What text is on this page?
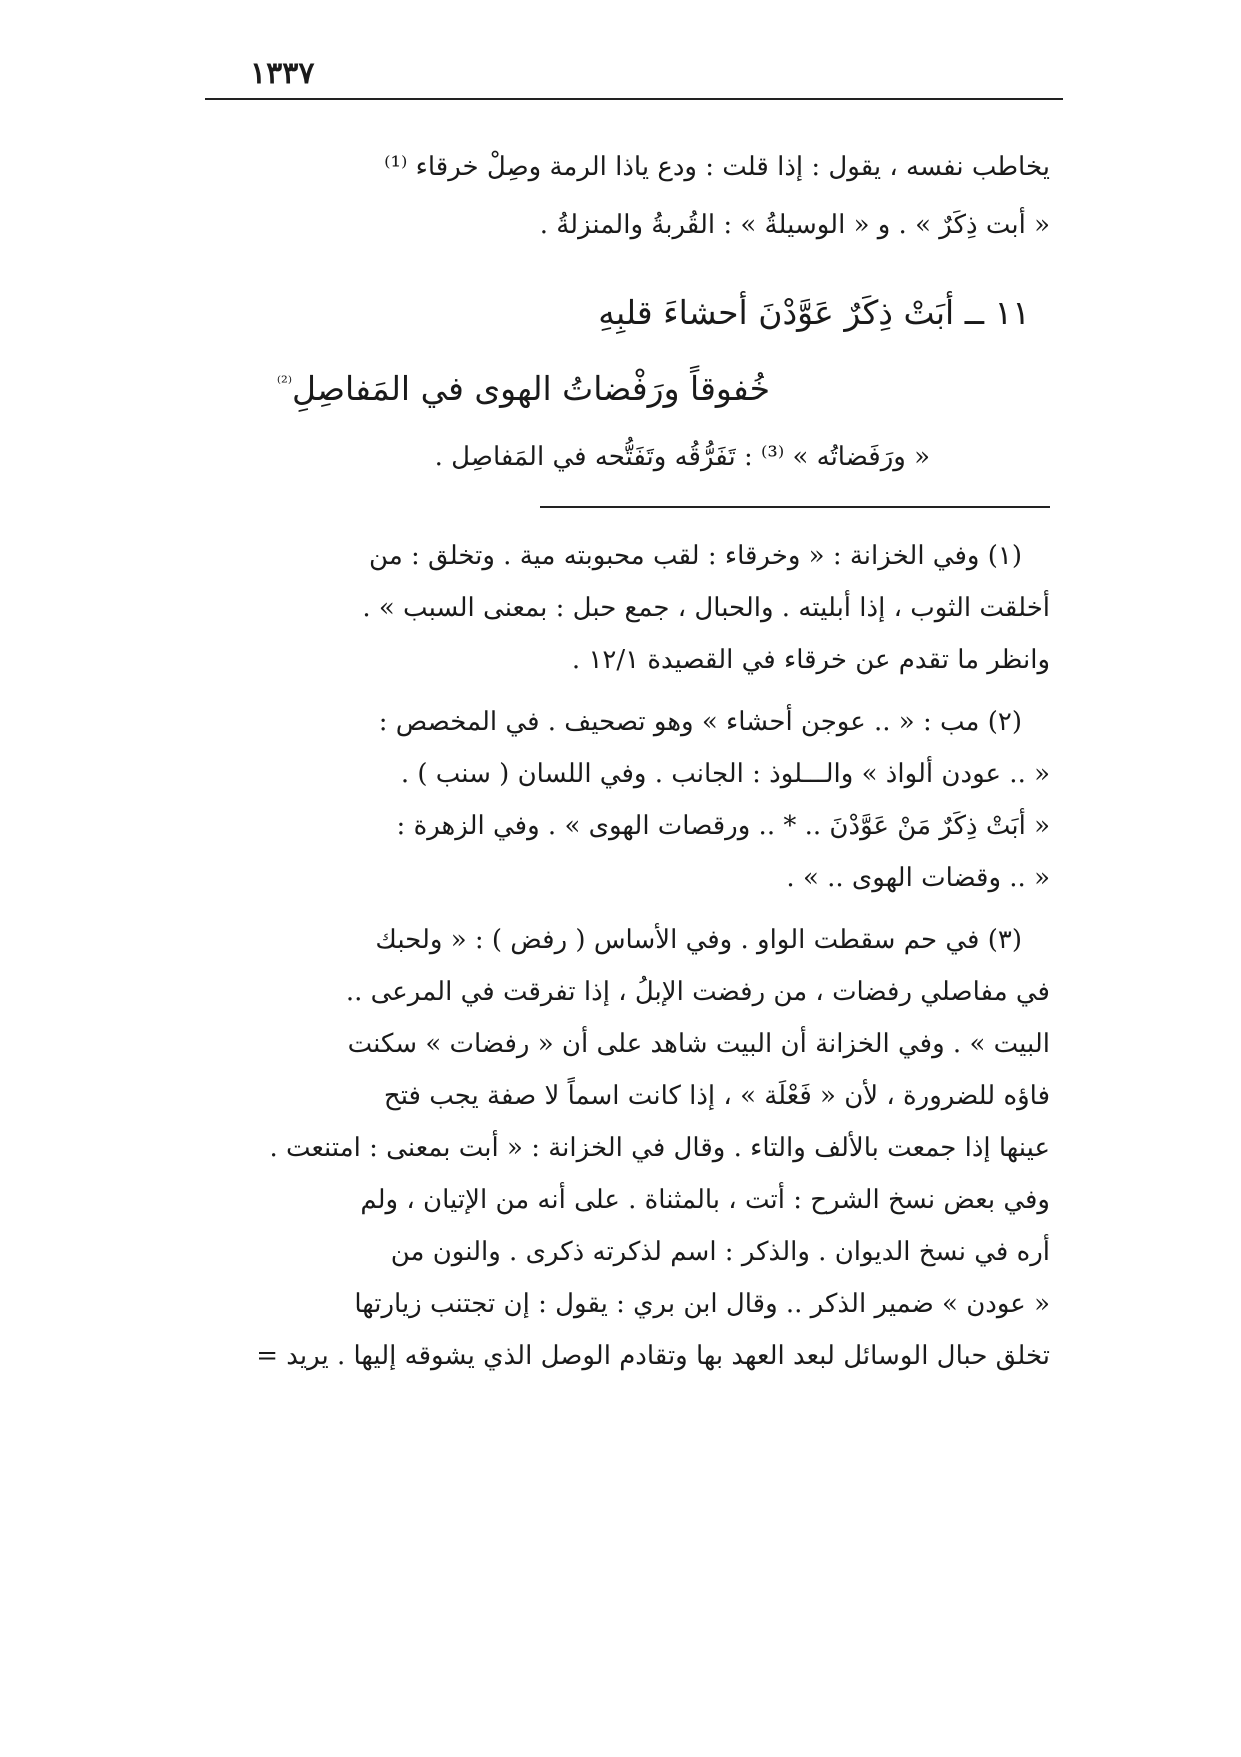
١٣٣٧

يخاطب نفسه ، يقول : إذا قلت : ودع ياذا الرمة وصِلْ خرقاء ⁽¹⁾

« أبت ذِكَرٌ » . و « الوسيلةُ » : القُربةُ والمنزلةُ .

١١ ــ أبَتْ ذِكَرٌ عَوَّدْنَ أحشاءَ قلبِهِ

خُفوقاً ورَفْضاتُ الهوى في المَفاصِلِ$^{^{(2)}}$

« ورَفَضاتُه » ⁽³⁾ : تَفَرُّقُه وتَفَتُّحه في المَفاصِل .

(١) وفي الخزانة : « وخرقاء : لقب محبوبته مية . وتخلق : من

أخلقت الثوب ، إذا أبليته . والحبال ، جمع حبل : بمعنى السبب » .

وانظر ما تقدم عن خرقاء في القصيدة ١٢/١ .

(٢) مب : « .. عوجن أحشاء » وهو تصحيف . في المخصص :

« .. عودن ألواذ » والـــلوذ : الجانب . وفي اللسان ( سنب ) .

« أبَتْ ذِكَرٌ مَنْ عَوَّدْنَ .. * .. ورقصات الهوى » . وفي الزهرة :

« .. وقضات الهوى .. » .

(٣) في حم سقطت الواو . وفي الأساس ( رفض ) : « ولحبك

في مفاصلي رفضات ، من رفضت الإبلُ ، إذا تفرقت في المرعى ..

البيت » . وفي الخزانة أن البيت شاهد على أن « رفضات » سكنت

فاؤه للضرورة ، لأن « فَعْلَة » ، إذا كانت اسماً لا صفة يجب فتح

عينها إذا جمعت بالألف والتاء . وقال في الخزانة : « أبت بمعنى : امتنعت .

وفي بعض نسخ الشرح : أتت ، بالمثناة . على أنه من الإتيان ، ولم

أره في نسخ الديوان . والذكر : اسم لذكرته ذكرى . والنون من

« عودن » ضمير الذكر .. وقال ابن بري : يقول : إن تجتنب زيارتها

تخلق حبال الوسائل لبعد العهد بها وتقادم الوصل الذي يشوقه إليها . يريد =
